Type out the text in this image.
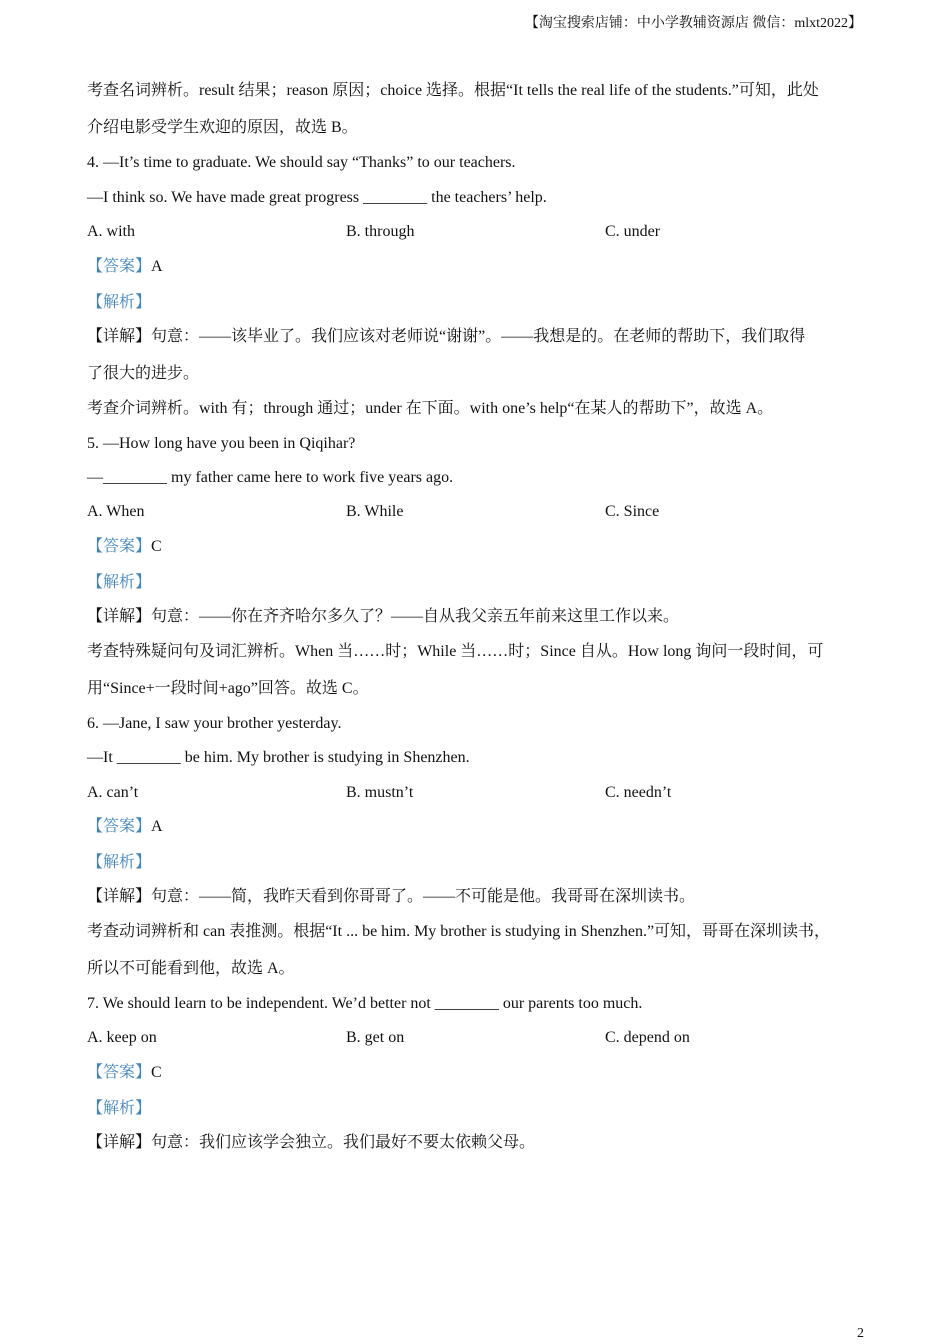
【淘宝搜索店铺：中小学教辅资源店 微信：mlxt2022】
考查名词辨析。result 结果；reason 原因；choice 选择。根据“It tells the real life of the students.”可知，此处
介绍电影受学生欢迎的原因，故选 B。
4. —It’s time to graduate. We should say “Thanks” to our teachers.
—I think so. We have made great progress ________ the teachers’ help.
A. with	B. through	C. under
【答案】A
【解析】
【详解】句意：——该毕业了。我们应该对老师说“谢谢”。——我想是的。在老师的帮助下，我们取得
了很大的进步。
考查介词辨析。with 有；through 通过；under 在下面。with one’s help“在某人的帮助下”，故选 A。
5. —How long have you been in Qiqihar?
—________ my father came here to work five years ago.
A. When	B. While	C. Since
【答案】C
【解析】
【详解】句意：——你在齐齐哈尔多久了？——自从我父亲五年前来这里工作以来。
考查特殊疑问句及词汇辨析。When 当……时；While 当……时；Since 自从。How long 询问一段时间，可
用“Since+一段时间+ago”回答。故选 C。
6. —Jane, I saw your brother yesterday.
—It ________ be him. My brother is studying in Shenzhen.
A. can’t	B. mustn’t	C. needn’t
【答案】A
【解析】
【详解】句意：——简，我昨天看到你哥哥了。——不可能是他。我哥哥在深圳读书。
考查动词辨析和 can 表推测。根据“It ... be him. My brother is studying in Shenzhen.”可知，哥哥在深圳读书，
所以不可能看到他，故选 A。
7. We should learn to be independent. We’d better not ________ our parents too much.
A. keep on	B. get on	C. depend on
【答案】C
【解析】
【详解】句意：我们应该学会独立。我们最好不要太依赖父母。
2
